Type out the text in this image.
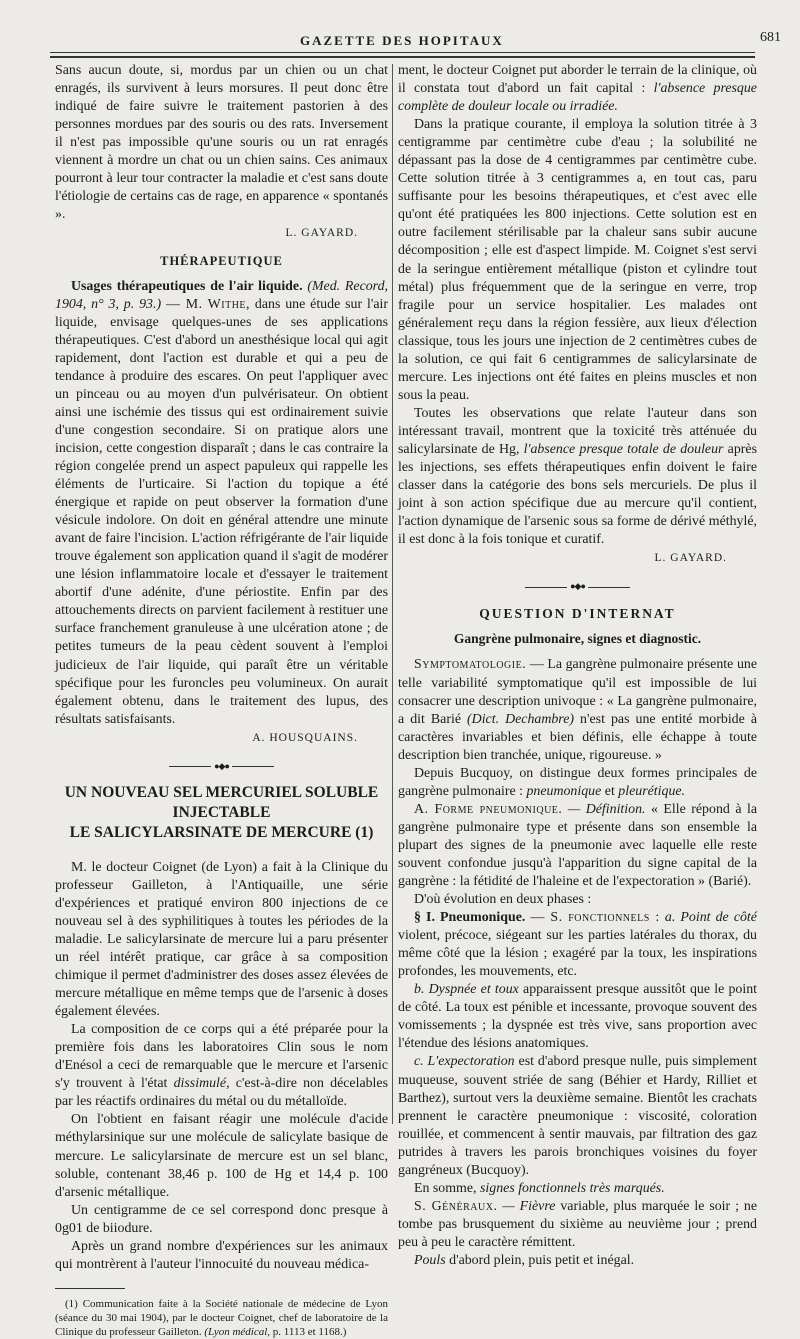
GAZETTE DES HOPITAUX	681

Sans aucun doute, si, mordus par un chien ou un chat enragés, ils survivent à leurs morsures. Il peut donc être indiqué de faire suivre le traitement pastorien à des personnes mordues par des souris ou des rats. Inversement il n'est pas impossible qu'une souris ou un rat enragés viennent à mordre un chat ou un chien sains. Ces animaux pourront à leur tour contracter la maladie et c'est sans doute l'étiologie de certains cas de rage, en apparence « spontanés ».

L. GAYARD.

THÉRAPEUTIQUE

Usages thérapeutiques de l'air liquide. (Med. Record, 1904, n° 3, p. 93.) — M. Withe, dans une étude sur l'air liquide, envisage quelques-unes de ses applications thérapeutiques. C'est d'abord un anesthésique local qui agit rapidement, dont l'action est durable et qui a peu de tendance à produire des escares. On peut l'appliquer avec un pinceau ou au moyen d'un pulvérisateur. On obtient ainsi une ischémie des tissus qui est ordinairement suivie d'une congestion secondaire. Si on pratique alors une incision, cette congestion disparaît ; dans le cas contraire la région congelée prend un aspect papuleux qui rappelle les éléments de l'urticaire. Si l'action du topique a été énergique et rapide on peut observer la formation d'une vésicule indolore. On doit en général attendre une minute avant de faire l'incision. L'action réfrigérante de l'air liquide trouve également son application quand il s'agit de modérer une lésion inflammatoire locale et d'essayer le traitement abortif d'une adénite, d'une périostite. Enfin par des attouchements directs on parvient facilement à restituer une surface franchement granuleuse à une ulcération atone ; de petites tumeurs de la peau cèdent souvent à l'emploi judicieux de l'air liquide, qui paraît être un véritable spécifique pour les furoncles peu volumineux. On aurait également obtenu, dans le traitement des lupus, des résultats satisfaisants.

A. HOUSQUAINS.

●◆●
UN NOUVEAU SEL MERCURIEL SOLUBLE INJECTABLE
LE SALICYLARSINATE DE MERCURE (1)

M. le docteur Coignet (de Lyon) a fait à la Clinique du professeur Gailleton, à l'Antiquaille, une série d'expériences et pratiqué environ 800 injections de ce nouveau sel à des syphilitiques à toutes les périodes de la maladie. Le salicylarsinate de mercure lui a paru présenter un réel intérêt pratique, car grâce à sa composition chimique il permet d'administrer des doses assez élevées de mercure métallique en même temps que de l'arsenic à doses également élevées.

La composition de ce corps qui a été préparée pour la première fois dans les laboratoires Clin sous le nom d'Enésol a ceci de remarquable que le mercure et l'arsenic s'y trouvent à l'état dissimulé, c'est-à-dire non décelables par les réactifs ordinaires du métal ou du métalloïde.

On l'obtient en faisant réagir une molécule d'acide méthylarsinique sur une molécule de salicylate basique de mercure. Le salicylarsinate de mercure est un sel blanc, soluble, contenant 38,46 p. 100 de Hg et 14,4 p. 100 d'arsenic métallique.

Un centigramme de ce sel correspond donc presque à 0g01 de biiodure.

Après un grand nombre d'expériences sur les animaux qui montrèrent à l'auteur l'innocuité du nouveau médica-

(1) Communication faite à la Société nationale de médecine de Lyon (séance du 30 mai 1904), par le docteur Coignet, chef de laboratoire de la Clinique du professeur Gailleton. (Lyon médical, p. 1113 et 1168.)

ment, le docteur Coignet put aborder le terrain de la clinique, où il constata tout d'abord un fait capital : l'absence presque complète de douleur locale ou irradiée.

Dans la pratique courante, il employa la solution titrée à 3 centigramme par centimètre cube d'eau ; la solubilité ne dépassant pas la dose de 4 centigrammes par centimètre cube. Cette solution titrée à 3 centigrammes a, en tout cas, paru suffisante pour les besoins thérapeutiques, et c'est avec elle qu'ont été pratiquées les 800 injections. Cette solution est en outre facilement stérilisable par la chaleur sans subir aucune décomposition ; elle est d'aspect limpide. M. Coignet s'est servi de la seringue entièrement métallique (piston et cylindre tout métal) plus fréquemment que de la seringue en verre, trop fragile pour un service hospitalier. Les malades ont généralement reçu dans la région fessière, aux lieux d'élection classique, tous les jours une injection de 2 centimètres cubes de la solution, ce qui fait 6 centigrammes de salicylarsinate de mercure. Les injections ont été faites en pleins muscles et non sous la peau.

Toutes les observations que relate l'auteur dans son intéressant travail, montrent que la toxicité très atténuée du salicylarsinate de Hg, l'absence presque totale de douleur après les injections, ses effets thérapeutiques enfin doivent le faire classer dans la catégorie des bons sels mercuriels. De plus il joint à son action spécifique due au mercure qu'il contient, l'action dynamique de l'arsenic sous sa forme de dérivé méthylé, il est donc à la fois tonique et curatif.

L. GAYARD.

●◆●
QUESTION D'INTERNAT
Gangrène pulmonaire, signes et diagnostic.

Symptomatologie. — La gangrène pulmonaire présente une telle variabilité symptomatique qu'il est impossible de lui consacrer une description univoque : « La gangrène pulmonaire, a dit Barié (Dict. Dechambre) n'est pas une entité morbide à caractères invariables et bien définis, elle échappe à toute description bien tranchée, unique, rigoureuse. »

Depuis Bucquoy, on distingue deux formes principales de gangrène pulmonaire : pneumonique et pleurétique.

A. Forme pneumonique. — Définition. « Elle répond à la gangrène pulmonaire type et présente dans son ensemble la plupart des signes de la pneumonie avec laquelle elle reste souvent confondue jusqu'à l'apparition du signe capital de la gangrène : la fétidité de l'haleine et de l'expectoration » (Barié).

D'où évolution en deux phases :

§ I. Pneumonique. — S. fonctionnels : a. Point de côté violent, précoce, siégeant sur les parties latérales du thorax, du même côté que la lésion ; exagéré par la toux, les inspirations profondes, les mouvements, etc.

b. Dyspnée et toux apparaissent presque aussitôt que le point de côté. La toux est pénible et incessante, provoque souvent des vomissements ; la dyspnée est très vive, sans proportion avec l'étendue des lésions anatomiques.

c. L'expectoration est d'abord presque nulle, puis simplement muqueuse, souvent striée de sang (Béhier et Hardy, Rilliet et Barthez), surtout vers la deuxième semaine. Bientôt les crachats prennent le caractère pneumonique : viscosité, coloration rouillée, et commencent à sentir mauvais, par filtration des gaz putrides à travers les parois bronchiques voisines du foyer gangréneux (Bucquoy).

En somme, signes fonctionnels très marqués.

S. Généraux. — Fièvre variable, plus marquée le soir ; ne tombe pas brusquement du sixième au neuvième jour ; prend peu à peu le caractère rémittent.

Pouls d'abord plein, puis petit et inégal.
